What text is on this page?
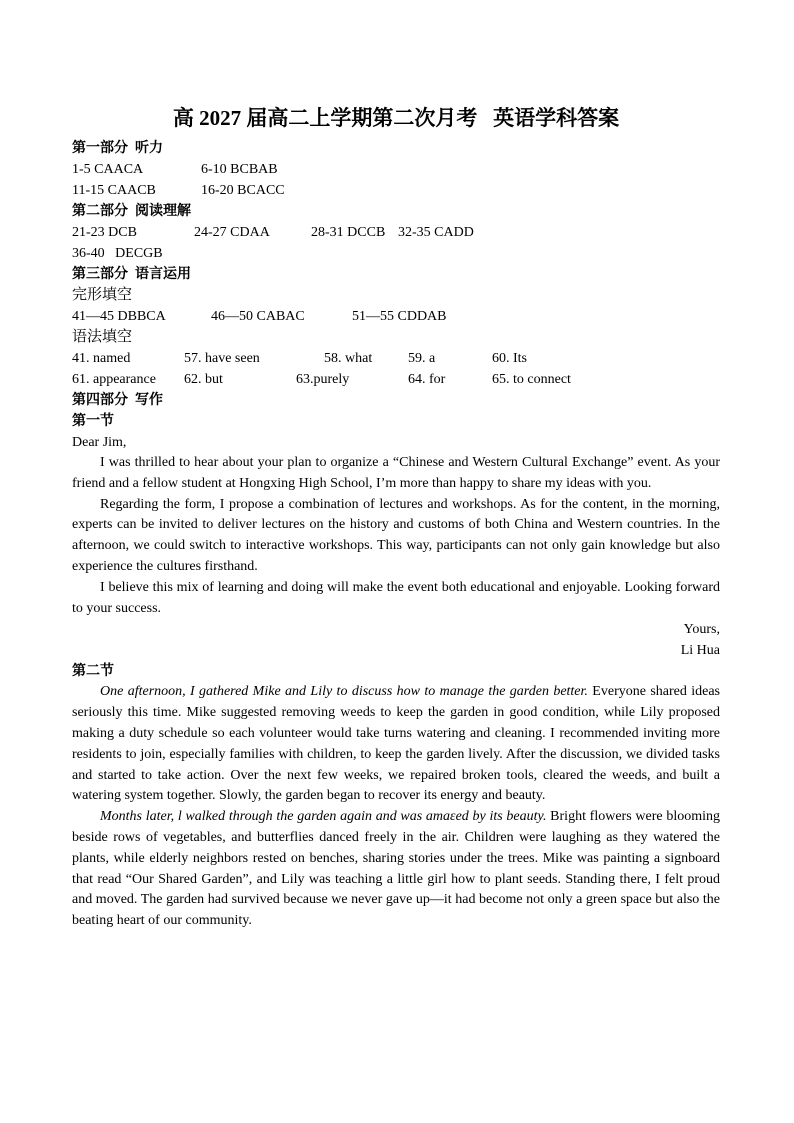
高 2027 届高二上学期第二次月考   英语学科答案
第一部分  听力
1-5 CAACA	6-10 BCBAB
11-15 CAACB	16-20 BCACC
第二部分  阅读理解
21-23 DCB	24-27 CDAA	28-31 DCCB 32-35 CADD
36-40   DECGB
第三部分  语言运用
完形填空
41—45 DBBCA	46—50 CABAC	51—55 CDDAB
语法填空
41. named	57. have seen	58. what	59. a	60. Its
61. appearance 62. but	63.purely	64. for	65. to connect
第四部分  写作
第一节

Dear Jim,

I was thrilled to hear about your plan to organize a “Chinese and Western Cultural Exchange” event. As your friend and a fellow student at Hongxing High School, I’m more than happy to share my ideas with you.

Regarding the form, I propose a combination of lectures and workshops. As for the content, in the morning, experts can be invited to deliver lectures on the history and customs of both China and Western countries. In the afternoon, we could switch to interactive workshops. This way, participants can not only gain knowledge but also experience the cultures firsthand.

I believe this mix of learning and doing will make the event both educational and enjoyable. Looking forward to your success.

Yours,

Li Hua

第二节

One afternoon, I gathered Mike and Lily to discuss how to manage the garden better. Everyone shared ideas seriously this time. Mike suggested removing weeds to keep the garden in good condition, while Lily proposed making a duty schedule so each volunteer would take turns watering and cleaning. I recommended inviting more residents to join, especially families with children, to keep the garden lively. After the discussion, we divided tasks and started to take action. Over the next few weeks, we repaired broken tools, cleared the weeds, and built a watering system together. Slowly, the garden began to recover its energy and beauty.

Months later, l walked through the garden again and was amaεed by its beauty. Bright flowers were blooming beside rows of vegetables, and butterflies danced freely in the air. Children were laughing as they watered the plants, while elderly neighbors rested on benches, sharing stories under the trees. Mike was painting a signboard that read “Our Shared Garden”, and Lily was teaching a little girl how to plant seeds. Standing there, I felt proud and moved. The garden had survived because we never gave up—it had become not only a green space but also the beating heart of our community.
